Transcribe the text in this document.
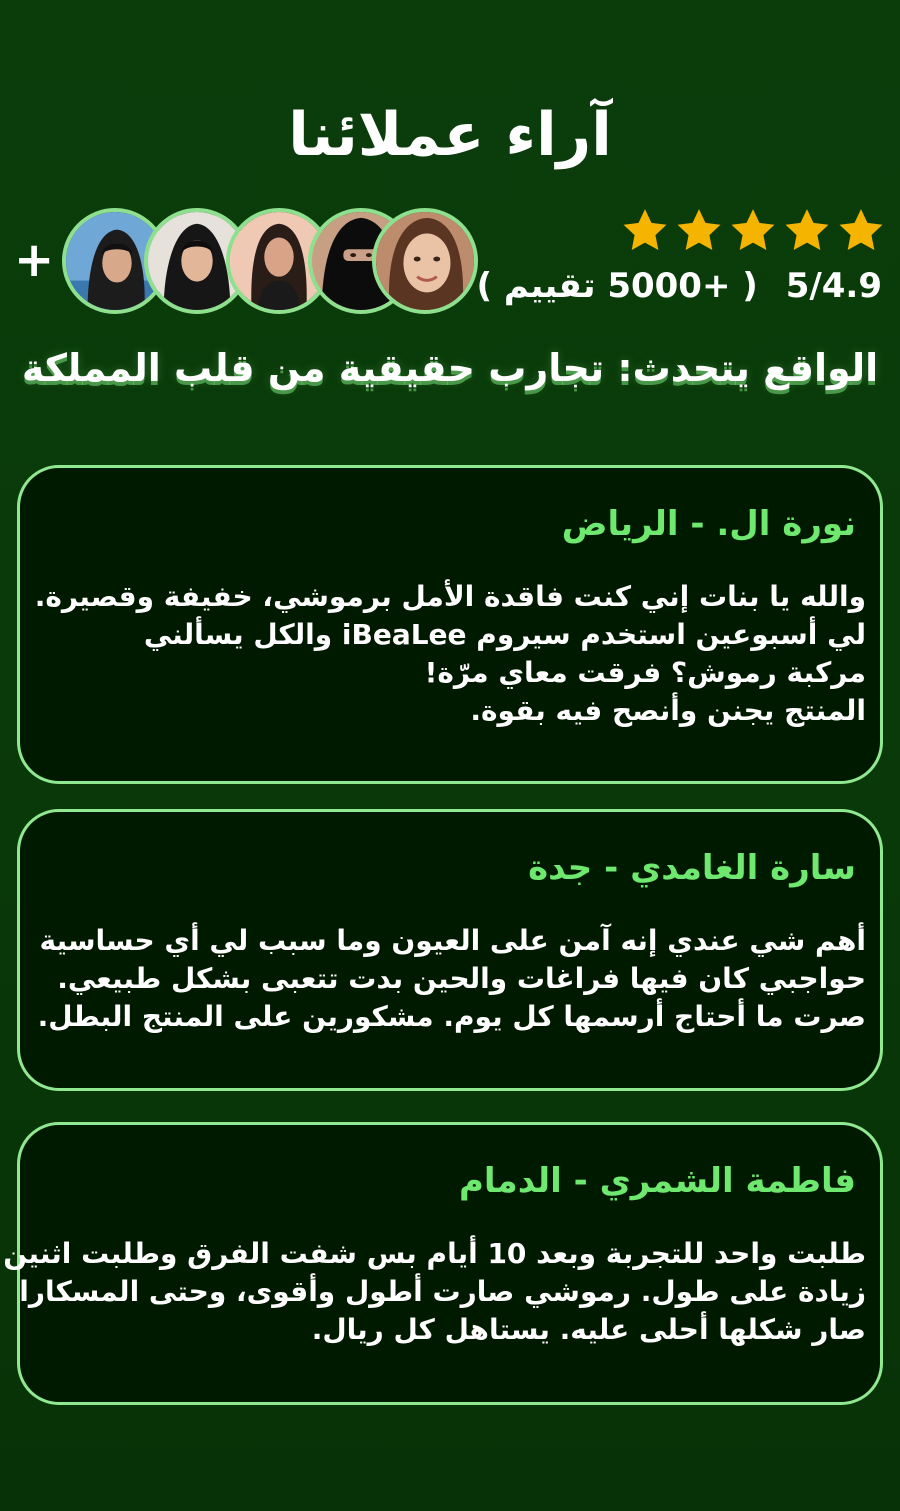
آراء عملائنا
5/4.9 ( +5000 تقييم )
+
الواقع يتحدث: تجارب حقيقية من قلب المملكة
نورة ال. - الرياض
والله يا بنات إني كنت فاقدة الأمل برموشي، خفيفة وقصيرة.
لي أسبوعين استخدم سيروم iBeaLee والكل يسألني
مركبة رموش؟ فرقت معاي مرّة!
المنتج يجنن وأنصح فيه بقوة.
سارة الغامدي - جدة
أهم شي عندي إنه آمن على العيون وما سبب لي أي حساسية
حواجبي كان فيها فراغات والحين بدت تتعبى بشكل طبيعي.
صرت ما أحتاج أرسمها كل يوم. مشكورين على المنتج البطل.
فاطمة الشمري - الدمام
طلبت واحد للتجربة وبعد 10 أيام بس شفت الفرق وطلبت اثنين
زيادة على طول. رموشي صارت أطول وأقوى، وحتى المسكارا
صار شكلها أحلى عليه. يستاهل كل ريال.
